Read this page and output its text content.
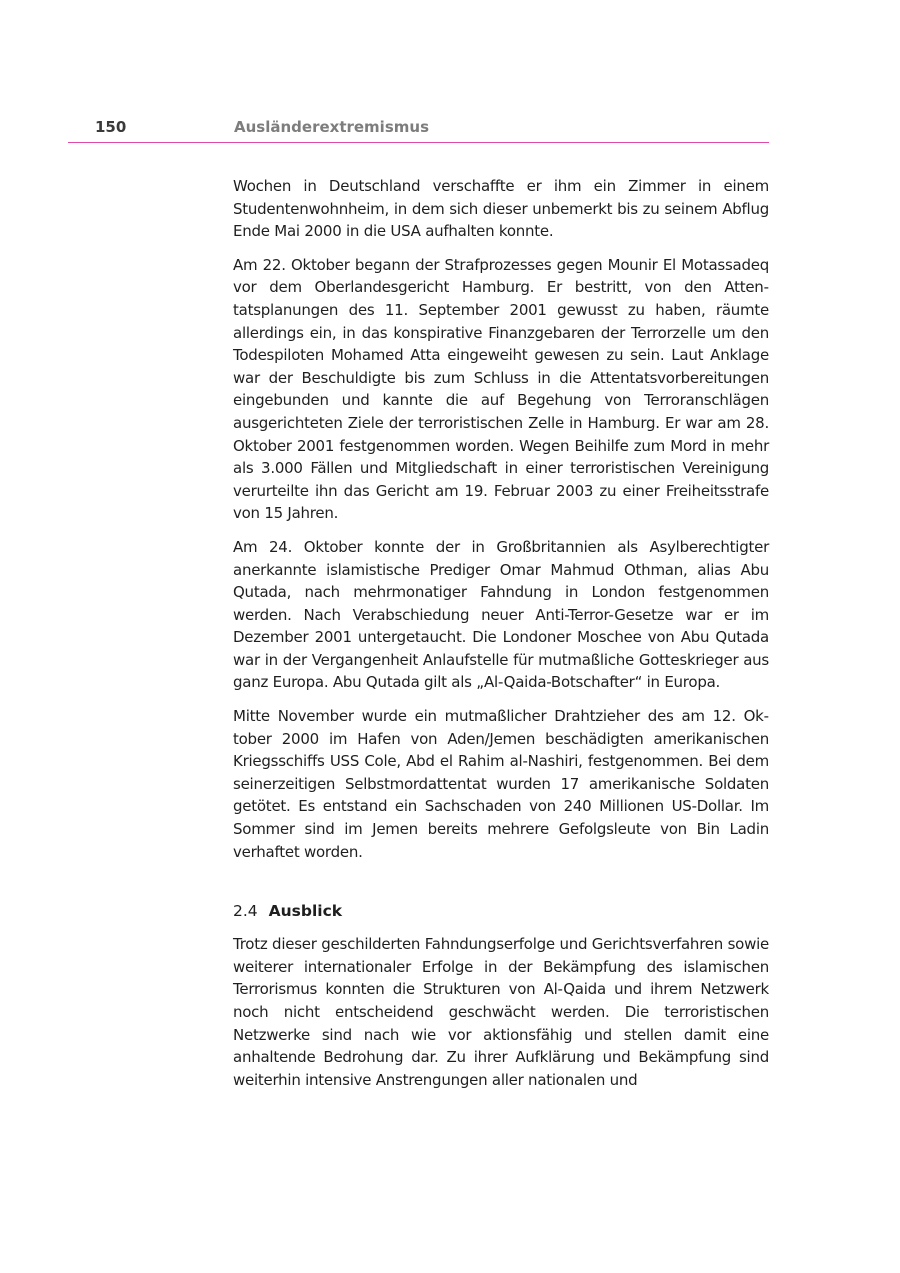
150	Ausländerextremismus

Wochen in Deutschland verschaffte er ihm ein Zimmer in einem Studentenwohnheim, in dem sich dieser unbemerkt bis zu seinem Abflug Ende Mai 2000 in die USA aufhalten konnte.

Am 22. Oktober begann der Strafprozesses gegen Mounir El Motassadeq vor dem Oberlandesgericht Hamburg. Er bestritt, von den Attentatsplanungen des 11. September 2001 gewusst zu haben, räumte allerdings ein, in das konspirative Finanzgebaren der Terrorzelle um den Todespiloten Mohamed Atta eingeweiht gewesen zu sein. Laut Anklage war der Beschuldigte bis zum Schluss in die Attentatsvorbereitungen eingebunden und kannte die auf Begehung von Terroranschlägen ausgerichteten Ziele der terroristischen Zelle in Hamburg. Er war am 28. Oktober 2001 festgenommen worden. Wegen Beihilfe zum Mord in mehr als 3.000 Fällen und Mitgliedschaft in einer terroristischen Vereinigung verurteilte ihn das Gericht am 19. Februar 2003 zu einer Freiheitsstrafe von 15 Jahren.

Am 24. Oktober konnte der in Großbritannien als Asylberechtigter anerkannte islamistische Prediger Omar Mahmud Othman, alias Abu Qutada, nach mehrmonatiger Fahndung in London festgenommen werden. Nach Verabschiedung neuer Anti-Terror-Gesetze war er im Dezember 2001 untergetaucht. Die Londoner Moschee von Abu Qutada war in der Vergangenheit Anlaufstelle für mutmaßliche Gotteskrieger aus ganz Europa. Abu Qutada gilt als „Al-Qaida-Botschafter“ in Europa.

Mitte November wurde ein mutmaßlicher Drahtzieher des am 12. Oktober 2000 im Hafen von Aden/Jemen beschädigten amerikanischen Kriegsschiffs USS Cole, Abd el Rahim al-Nashiri, festgenommen. Bei dem seinerzeitigen Selbstmordattentat wurden 17 amerikanische Soldaten getötet. Es entstand ein Sachschaden von 240 Millionen US-Dollar. Im Sommer sind im Jemen bereits mehrere Gefolgsleute von Bin Ladin verhaftet worden.

2.4 Ausblick

Trotz dieser geschilderten Fahndungserfolge und Gerichtsverfahren sowie weiterer internationaler Erfolge in der Bekämpfung des islamischen Terrorismus konnten die Strukturen von Al-Qaida und ihrem Netzwerk noch nicht entscheidend geschwächt werden. Die terroristischen Netzwerke sind nach wie vor aktionsfähig und stellen damit eine anhaltende Bedrohung dar. Zu ihrer Aufklärung und Bekämpfung sind weiterhin intensive Anstrengungen aller nationalen und
